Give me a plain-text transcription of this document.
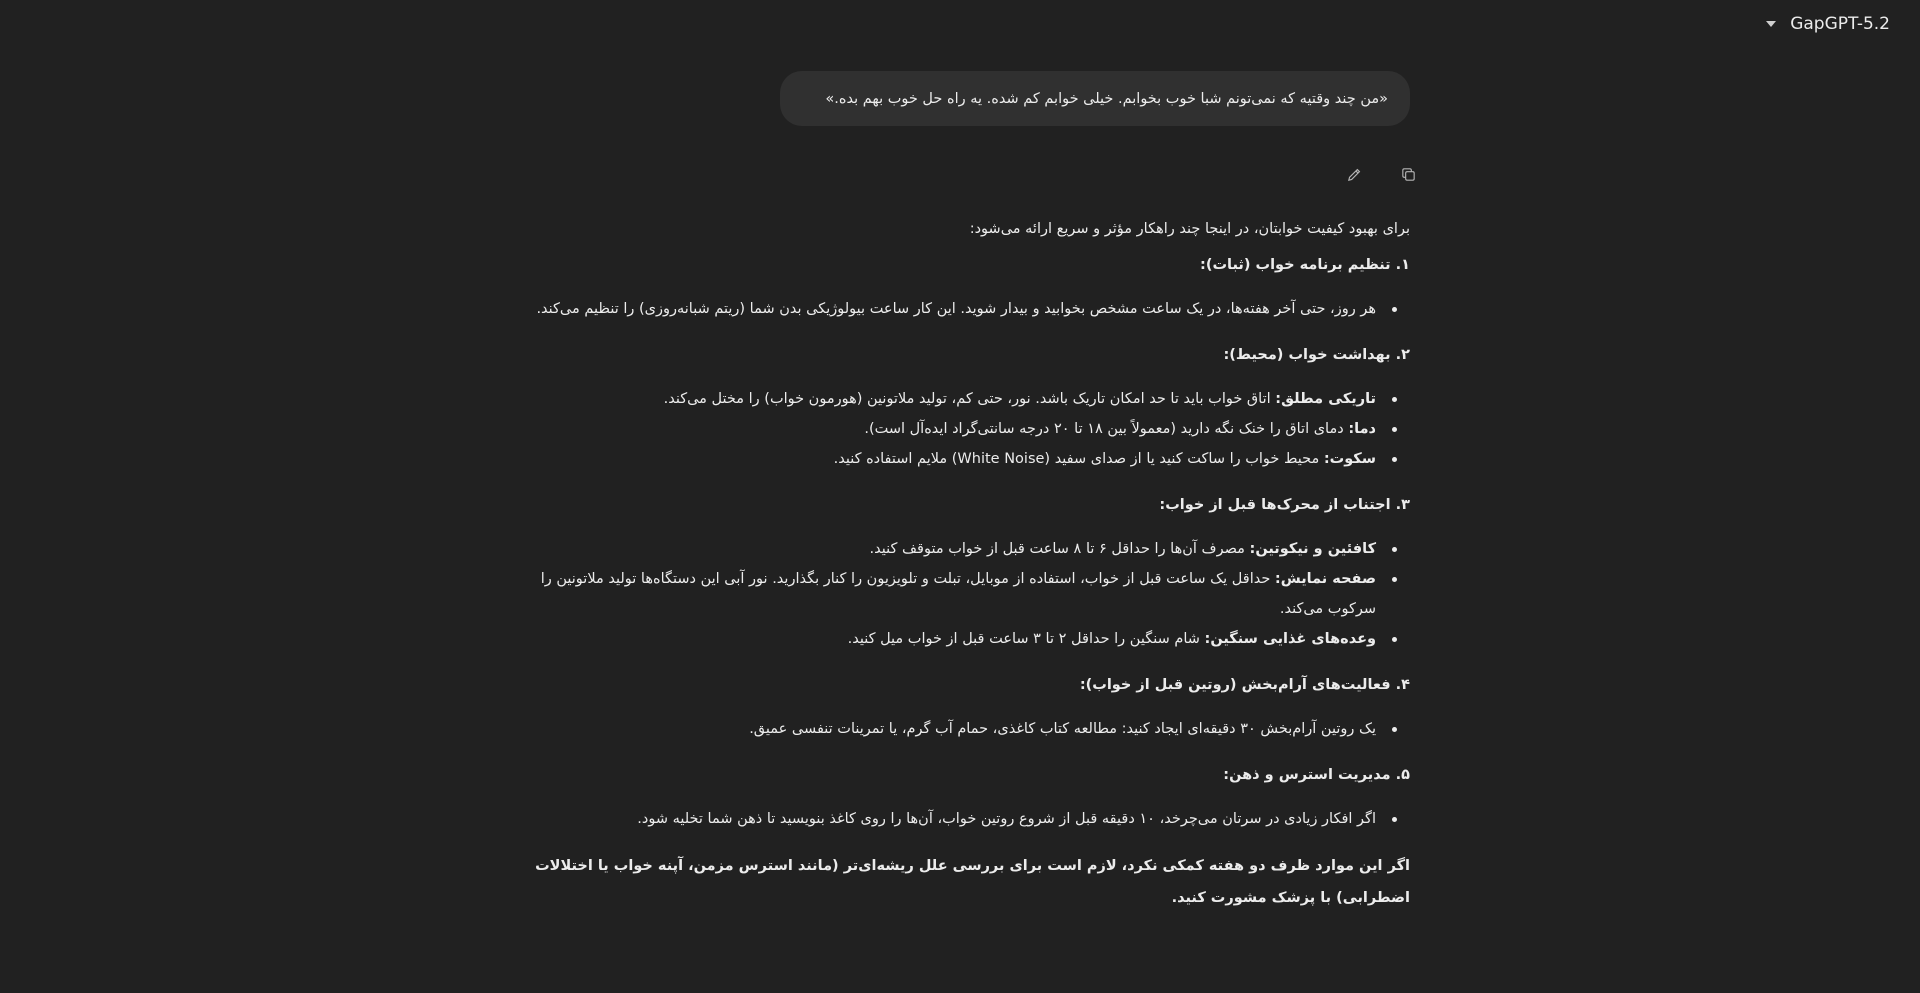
GapGPT-5.2
«من چند وقتیه که نمی‌تونم شبا خوب بخوابم. خیلی خوابم کم شده. یه راه حل خوب بهم بده.»

برای بهبود کیفیت خوابتان، در اینجا چند راهکار مؤثر و سریع ارائه می‌شود:

۱. تنظیم برنامه خواب (ثبات):
هر روز، حتی آخر هفته‌ها، در یک ساعت مشخص بخوابید و بیدار شوید. این کار ساعت بیولوژیکی بدن شما (ریتم شبانه‌روزی) را تنظیم می‌کند.
۲. بهداشت خواب (محیط):
تاریکی مطلق: اتاق خواب باید تا حد امکان تاریک باشد. نور، حتی کم، تولید ملاتونین (هورمون خواب) را مختل می‌کند.
دما: دمای اتاق را خنک نگه دارید (معمولاً بین ۱۸ تا ۲۰ درجه سانتی‌گراد ایده‌آل است).
سکوت: محیط خواب را ساکت کنید یا از صدای سفید (White Noise) ملایم استفاده کنید.
۳. اجتناب از محرک‌ها قبل از خواب:
کافئین و نیکوتین: مصرف آن‌ها را حداقل ۶ تا ۸ ساعت قبل از خواب متوقف کنید.
صفحه نمایش: حداقل یک ساعت قبل از خواب، استفاده از موبایل، تبلت و تلویزیون را کنار بگذارید. نور آبی این دستگاه‌ها تولید ملاتونین را سرکوب می‌کند.
وعده‌های غذایی سنگین: شام سنگین را حداقل ۲ تا ۳ ساعت قبل از خواب میل کنید.
۴. فعالیت‌های آرام‌بخش (روتین قبل از خواب):
یک روتین آرام‌بخش ۳۰ دقیقه‌ای ایجاد کنید: مطالعه کتاب کاغذی، حمام آب گرم، یا تمرینات تنفسی عمیق.
۵. مدیریت استرس و ذهن:
اگر افکار زیادی در سرتان می‌چرخد، ۱۰ دقیقه قبل از شروع روتین خواب، آن‌ها را روی کاغذ بنویسید تا ذهن شما تخلیه شود.

اگر این موارد ظرف دو هفته کمکی نکرد، لازم است برای بررسی علل ریشه‌ای‌تر (مانند استرس مزمن، آپنه خواب یا اختلالات اضطرابی) با پزشک مشورت کنید.
